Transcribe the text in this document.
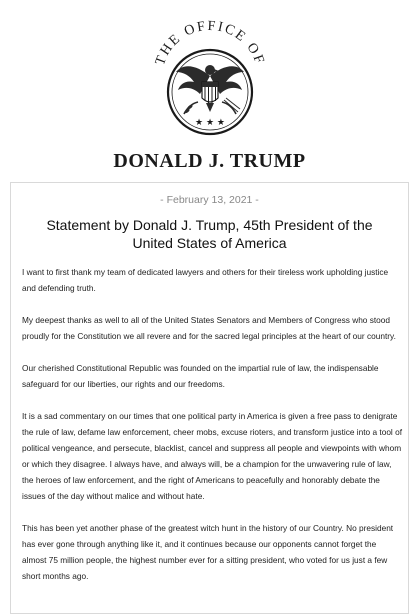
THE OFFICE OF
★ ★ ★
DONALD J. TRUMP
- February 13, 2021 -
Statement by Donald J. Trump, 45th President of the United States of America

I want to first thank my team of dedicated lawyers and others for their tireless work upholding justice and defending truth.

My deepest thanks as well to all of the United States Senators and Members of Congress who stood proudly for the Constitution we all revere and for the sacred legal principles at the heart of our country.

Our cherished Constitutional Republic was founded on the impartial rule of law, the indispensable safeguard for our liberties, our rights and our freedoms.

It is a sad commentary on our times that one political party in America is given a free pass to denigrate the rule of law, defame law enforcement, cheer mobs, excuse rioters, and transform justice into a tool of political vengeance, and persecute, blacklist, cancel and suppress all people and viewpoints with whom or which they disagree. I always have, and always will, be a champion for the unwavering rule of law, the heroes of law enforcement, and the right of Americans to peacefully and honorably debate the issues of the day without malice and without hate.

This has been yet another phase of the greatest witch hunt in the history of our Country. No president has ever gone through anything like it, and it continues because our opponents cannot forget the almost 75 million people, the highest number ever for a sitting president, who voted for us just a few short months ago.
